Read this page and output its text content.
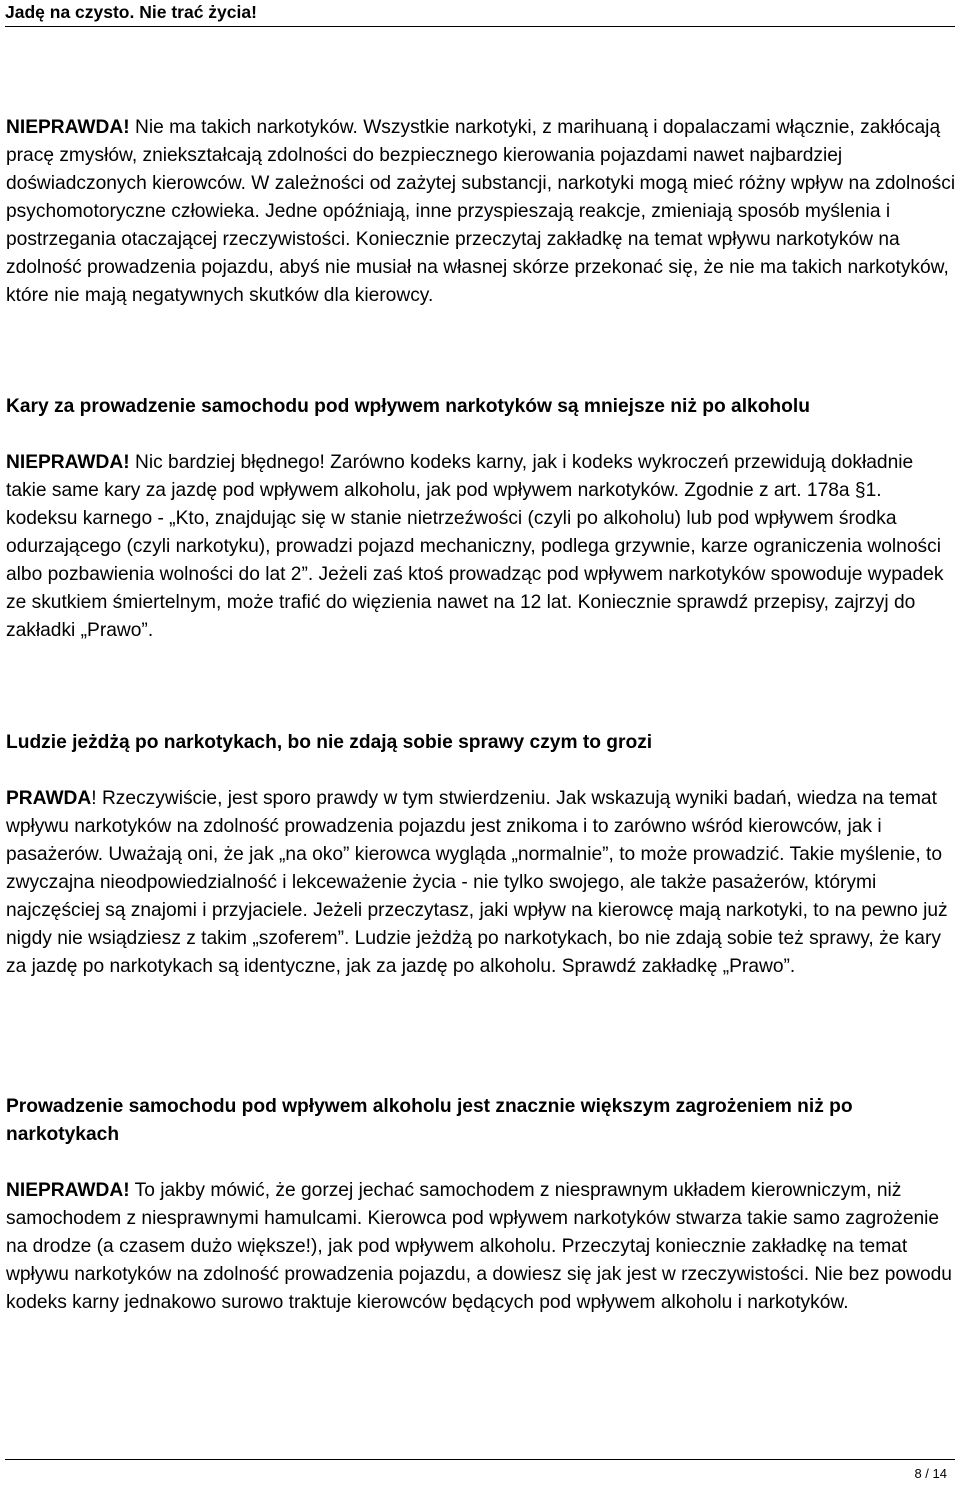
Jadę na czysto. Nie trać życia!

NIEPRAWDA! Nie ma takich narkotyków. Wszystkie narkotyki, z marihuaną i dopalaczami włącznie, zakłócają pracę zmysłów, zniekształcają zdolności do bezpiecznego kierowania pojazdami nawet najbardziej doświadczonych kierowców. W zależności od zażytej substancji, narkotyki mogą mieć różny wpływ na zdolności psychomotoryczne człowieka. Jedne opóźniają, inne przyspieszają reakcje, zmieniają sposób myślenia i postrzegania otaczającej rzeczywistości. Koniecznie przeczytaj zakładkę na temat wpływu narkotyków na zdolność prowadzenia pojazdu, abyś nie musiał na własnej skórze przekonać się, że nie ma takich narkotyków, które nie mają negatywnych skutków dla kierowcy.

Kary za prowadzenie samochodu pod wpływem narkotyków są mniejsze niż po alkoholu

NIEPRAWDA! Nic bardziej błędnego! Zarówno kodeks karny, jak i kodeks wykroczeń przewidują dokładnie takie same kary za jazdę pod wpływem alkoholu, jak pod wpływem narkotyków. Zgodnie z art. 178a §1. kodeksu karnego - „Kto, znajdując się w stanie nietrzeźwości (czyli po alkoholu) lub pod wpływem środka odurzającego (czyli narkotyku), prowadzi pojazd mechaniczny, podlega grzywnie, karze ograniczenia wolności albo pozbawienia wolności do lat 2”. Jeżeli zaś ktoś prowadząc pod wpływem narkotyków spowoduje wypadek ze skutkiem śmiertelnym, może trafić do więzienia nawet na 12 lat. Koniecznie sprawdź przepisy, zajrzyj do zakładki „Prawo”.

Ludzie jeżdżą po narkotykach, bo nie zdają sobie sprawy czym to grozi

PRAWDA! Rzeczywiście, jest sporo prawdy w tym stwierdzeniu. Jak wskazują wyniki badań, wiedza na temat wpływu narkotyków na zdolność prowadzenia pojazdu jest znikoma i to zarówno wśród kierowców, jak i pasażerów. Uważają oni, że jak „na oko” kierowca wygląda „normalnie”, to może prowadzić. Takie myślenie, to zwyczajna nieodpowiedzialność i lekceważenie życia - nie tylko swojego, ale także pasażerów, którymi najczęściej są znajomi i przyjaciele. Jeżeli przeczytasz, jaki wpływ na kierowcę mają narkotyki, to na pewno już nigdy nie wsiądziesz z takim „szoferem”. Ludzie jeżdżą po narkotykach, bo nie zdają sobie też sprawy, że kary za jazdę po narkotykach są identyczne, jak za jazdę po alkoholu. Sprawdź zakładkę „Prawo”.

Prowadzenie samochodu pod wpływem alkoholu jest znacznie większym zagrożeniem niż po narkotykach

NIEPRAWDA! To jakby mówić, że gorzej jechać samochodem z niesprawnym układem kierowniczym, niż samochodem z niesprawnymi hamulcami. Kierowca pod wpływem narkotyków stwarza takie samo zagrożenie na drodze (a czasem dużo większe!), jak pod wpływem alkoholu. Przeczytaj koniecznie zakładkę na temat wpływu narkotyków na zdolność prowadzenia pojazdu, a dowiesz się jak jest w rzeczywistości. Nie bez powodu kodeks karny jednakowo surowo traktuje kierowców będących pod wpływem alkoholu i narkotyków.

8 / 14
